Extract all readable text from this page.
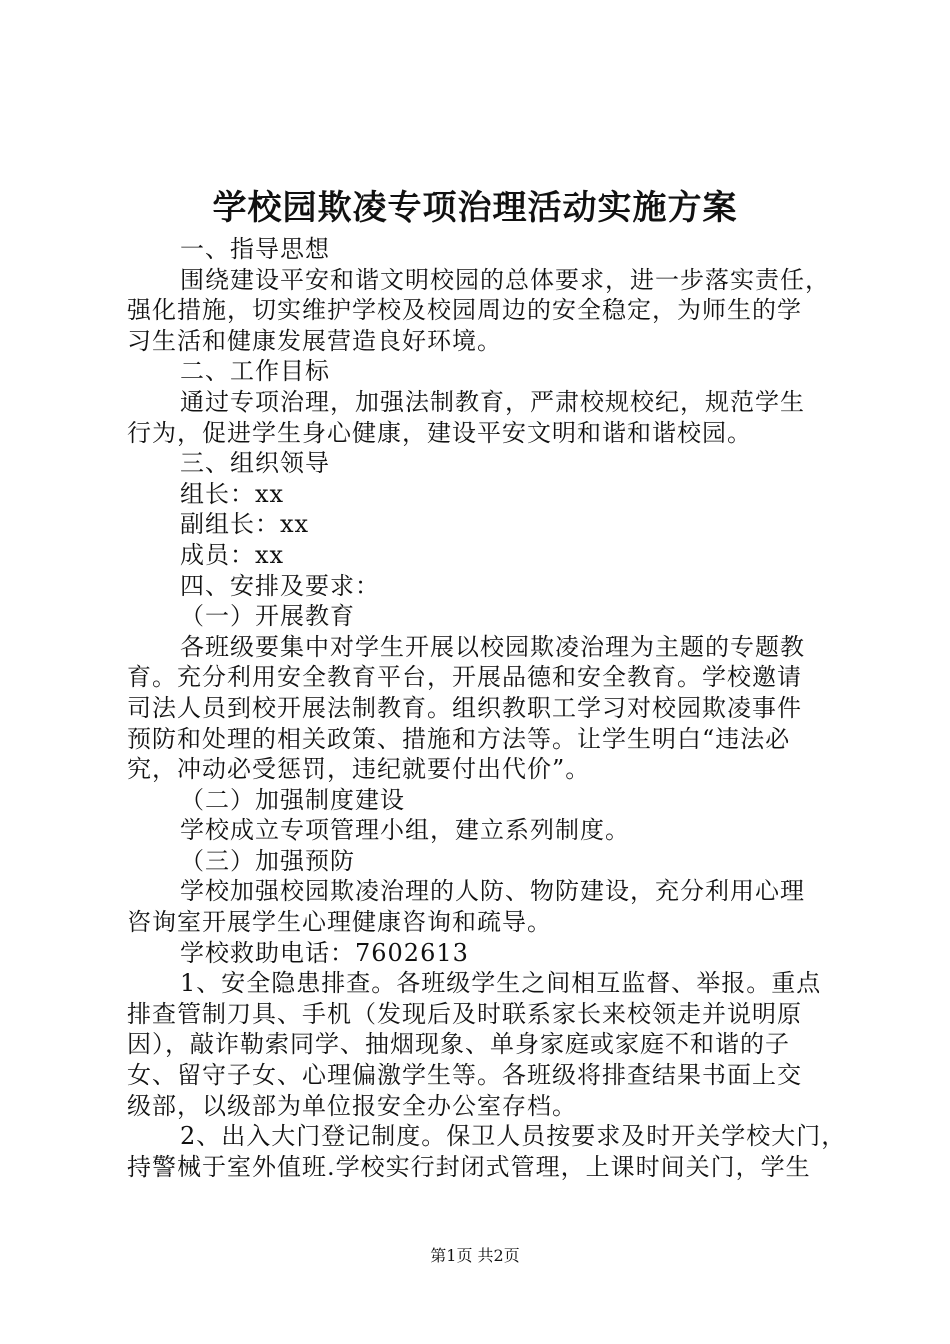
学校园欺凌专项治理活动实施方案

一、指导思想

围绕建设平安和谐文明校园的总体要求，进一步落实责任，

强化措施，切实维护学校及校园周边的安全稳定，为师生的学

习生活和健康发展营造良好环境。

二、工作目标

通过专项治理，加强法制教育，严肃校规校纪，规范学生

行为，促进学生身心健康，建设平安文明和谐和谐校园。

三、组织领导

组长：xx

副组长：xx

成员：xx

四、安排及要求：

（一）开展教育

各班级要集中对学生开展以校园欺凌治理为主题的专题教

育。充分利用安全教育平台，开展品德和安全教育。学校邀请

司法人员到校开展法制教育。组织教职工学习对校园欺凌事件

预防和处理的相关政策、措施和方法等。让学生明白“违法必

究，冲动必受惩罚，违纪就要付出代价”。

（二）加强制度建设

学校成立专项管理小组，建立系列制度。

（三）加强预防

学校加强校园欺凌治理的人防、物防建设，充分利用心理

咨询室开展学生心理健康咨询和疏导。

学校救助电话：7602613

1、安全隐患排查。各班级学生之间相互监督、举报。重点

排查管制刀具、手机（发现后及时联系家长来校领走并说明原

因），敲诈勒索同学、抽烟现象、单身家庭或家庭不和谐的子

女、留守子女、心理偏激学生等。各班级将排查结果书面上交

级部，以级部为单位报安全办公室存档。

2、出入大门登记制度。保卫人员按要求及时开关学校大门，

持警械于室外值班.学校实行封闭式管理，上课时间关门，学生

第1页 共2页
